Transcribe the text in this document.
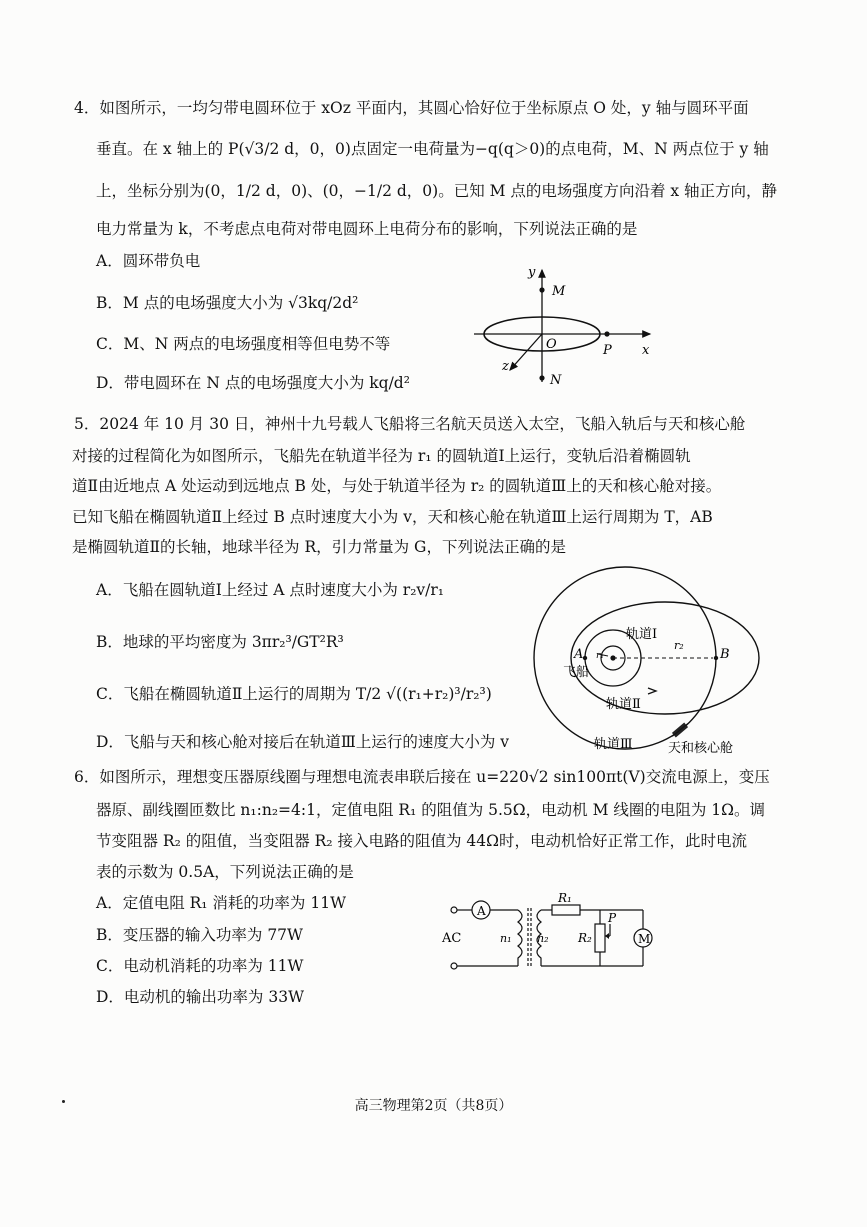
4．如图所示，一均匀带电圆环位于 xOz 平面内，其圆心恰好位于坐标原点 O 处，y 轴与圆环平面
垂直。在 x 轴上的 P(√3/2 d，0，0)点固定一电荷量为−q(q＞0)的点电荷，M、N 两点位于 y 轴
上，坐标分别为(0，1/2 d，0)、(0，−1/2 d，0)。已知 M 点的电场强度方向沿着 x 轴正方向，静
电力常量为 k，不考虑点电荷对带电圆环上电荷分布的影响，下列说法正确的是
A．圆环带负电
B．M 点的电场强度大小为 √3kq/2d²
C．M、N 两点的电场强度相等但电势不等
D．带电圆环在 N 点的电场强度大小为 kq/d²
y
M
O	P x
z
N
5．2024 年 10 月 30 日，神州十九号载人飞船将三名航天员送入太空，飞船入轨后与天和核心舱
对接的过程简化为如图所示，飞船先在轨道半径为 r₁ 的圆轨道Ⅰ上运行，变轨后沿着椭圆轨
道Ⅱ由近地点 A 处运动到远地点 B 处，与处于轨道半径为 r₂ 的圆轨道Ⅲ上的天和核心舱对接。
已知飞船在椭圆轨道Ⅱ上经过 B 点时速度大小为 v，天和核心舱在轨道Ⅲ上运行周期为 T，AB
是椭圆轨道Ⅱ的长轴，地球半径为 R，引力常量为 G，下列说法正确的是
A．飞船在圆轨道Ⅰ上经过 A 点时速度大小为 r₂v/r₁
B．地球的平均密度为 3πr₂³/GT²R³
C．飞船在椭圆轨道Ⅱ上运行的周期为 T/2 √((r₁+r₂)³/r₂³)
D．飞船与天和核心舱对接后在轨道Ⅲ上运行的速度大小为 v
轨道Ⅰ
r₂
r₁
A	B
飞船
轨道Ⅱ
轨道Ⅲ	天和核心舱
6．如图所示，理想变压器原线圈与理想电流表串联后接在 u=220√2 sin100πt(V)交流电源上，变压
器原、副线圈匝数比 n₁:n₂=4:1，定值电阻 R₁ 的阻值为 5.5Ω，电动机 M 线圈的电阻为 1Ω。调
节变阻器 R₂ 的阻值，当变阻器 R₂ 接入电路的阻值为 44Ω时，电动机恰好正常工作，此时电流
表的示数为 0.5A，下列说法正确的是
A．定值电阻 R₁ 消耗的功率为 11W
B．变压器的输入功率为 77W
C．电动机消耗的功率为 11W
D．电动机的输出功率为 33W
A
AC	n₁ n₂
R₁
R₂
P
M
高三物理第2页（共8页）
